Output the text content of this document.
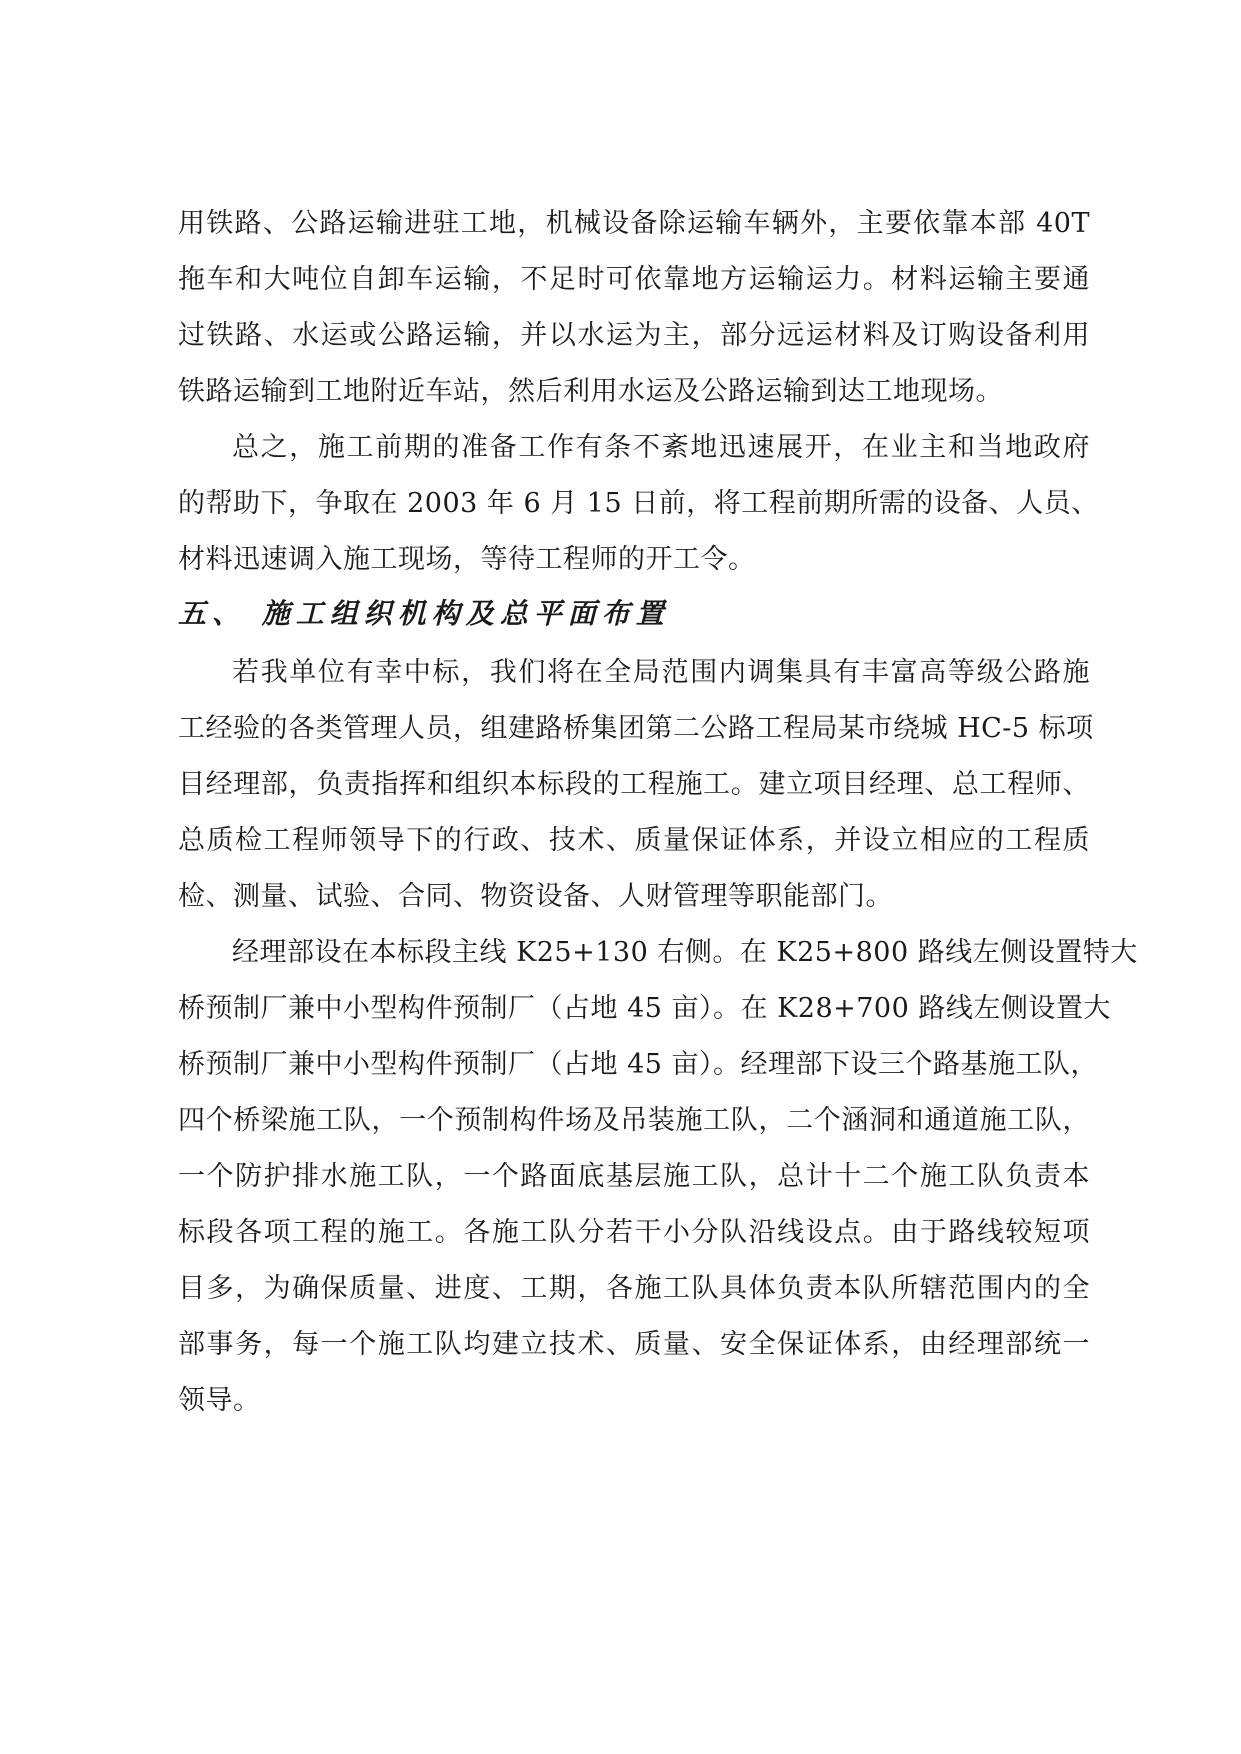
用铁路、公路运输进驻工地，机械设备除运输车辆外，主要依靠本部 40T
拖车和大吨位自卸车运输，不足时可依靠地方运输运力。材料运输主要通
过铁路、水运或公路运输，并以水运为主，部分远运材料及订购设备利用
铁路运输到工地附近车站，然后利用水运及公路运输到达工地现场。
总之，施工前期的准备工作有条不紊地迅速展开，在业主和当地政府
的帮助下，争取在 2003 年 6 月 15 日前，将工程前期所需的设备、人员、
材料迅速调入施工现场，等待工程师的开工令。
五、 施工组织机构及总平面布置
若我单位有幸中标，我们将在全局范围内调集具有丰富高等级公路施
工经验的各类管理人员，组建路桥集团第二公路工程局某市绕城 HC-5 标项
目经理部，负责指挥和组织本标段的工程施工。建立项目经理、总工程师、
总质检工程师领导下的行政、技术、质量保证体系，并设立相应的工程质
检、测量、试验、合同、物资设备、人财管理等职能部门。
经理部设在本标段主线 K25+130 右侧。在 K25+800 路线左侧设置特大
桥预制厂兼中小型构件预制厂（占地 45 亩）。在 K28+700 路线左侧设置大
桥预制厂兼中小型构件预制厂（占地 45 亩）。经理部下设三个路基施工队，
四个桥梁施工队，一个预制构件场及吊装施工队，二个涵洞和通道施工队，
一个防护排水施工队，一个路面底基层施工队，总计十二个施工队负责本
标段各项工程的施工。各施工队分若干小分队沿线设点。由于路线较短项
目多，为确保质量、进度、工期，各施工队具体负责本队所辖范围内的全
部事务，每一个施工队均建立技术、质量、安全保证体系，由经理部统一
领导。
